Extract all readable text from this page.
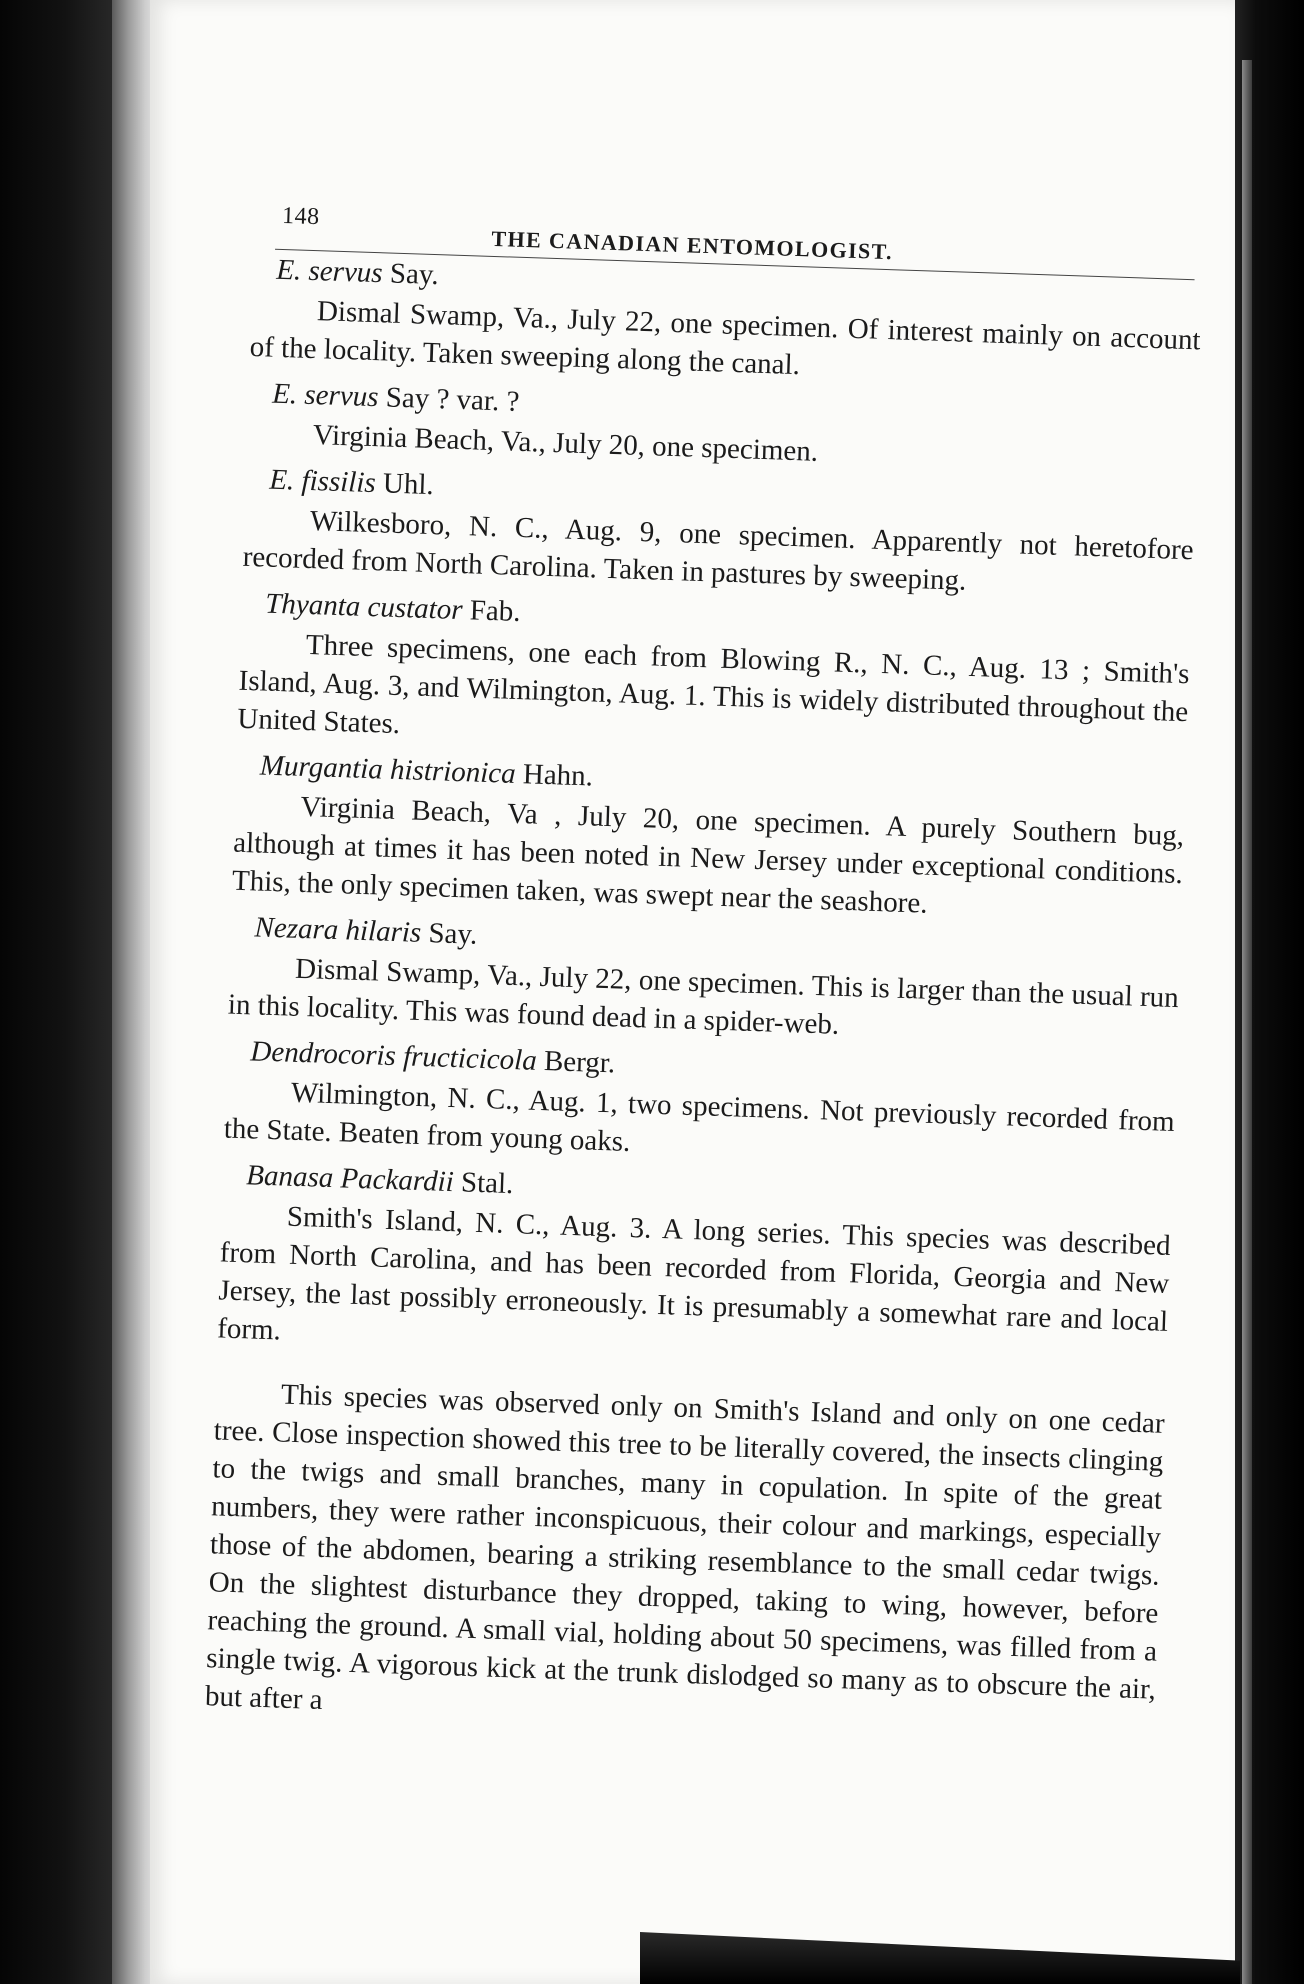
148
THE CANADIAN ENTOMOLOGIST.

E. servus Say.

Dismal Swamp, Va., July 22, one specimen. Of interest mainly on account of the locality. Taken sweeping along the canal.

E. servus Say ? var. ?

Virginia Beach, Va., July 20, one specimen.

E. fissilis Uhl.

Wilkesboro, N. C., Aug. 9, one specimen. Apparently not heretofore recorded from North Carolina. Taken in pastures by sweeping.

Thyanta custator Fab.

Three specimens, one each from Blowing R., N. C., Aug. 13 ; Smith's Island, Aug. 3, and Wilmington, Aug. 1. This is widely distributed throughout the United States.

Murgantia histrionica Hahn.

Virginia Beach, Va , July 20, one specimen. A purely Southern bug, although at times it has been noted in New Jersey under exceptional conditions. This, the only specimen taken, was swept near the seashore.

Nezara hilaris Say.

Dismal Swamp, Va., July 22, one specimen. This is larger than the usual run in this locality. This was found dead in a spider-web.

Dendrocoris fructicicola Bergr.

Wilmington, N. C., Aug. 1, two specimens. Not previously recorded from the State. Beaten from young oaks.

Banasa Packardii Stal.

Smith's Island, N. C., Aug. 3. A long series. This species was described from North Carolina, and has been recorded from Florida, Georgia and New Jersey, the last possibly erroneously. It is presumably a somewhat rare and local form.

This species was observed only on Smith's Island and only on one cedar tree. Close inspection showed this tree to be literally covered, the insects clinging to the twigs and small branches, many in copulation. In spite of the great numbers, they were rather inconspicuous, their colour and markings, especially those of the abdomen, bearing a striking resemblance to the small cedar twigs. On the slightest disturbance they dropped, taking to wing, however, before reaching the ground. A small vial, holding about 50 specimens, was filled from a single twig. A vigorous kick at the trunk dislodged so many as to obscure the air, but after a
